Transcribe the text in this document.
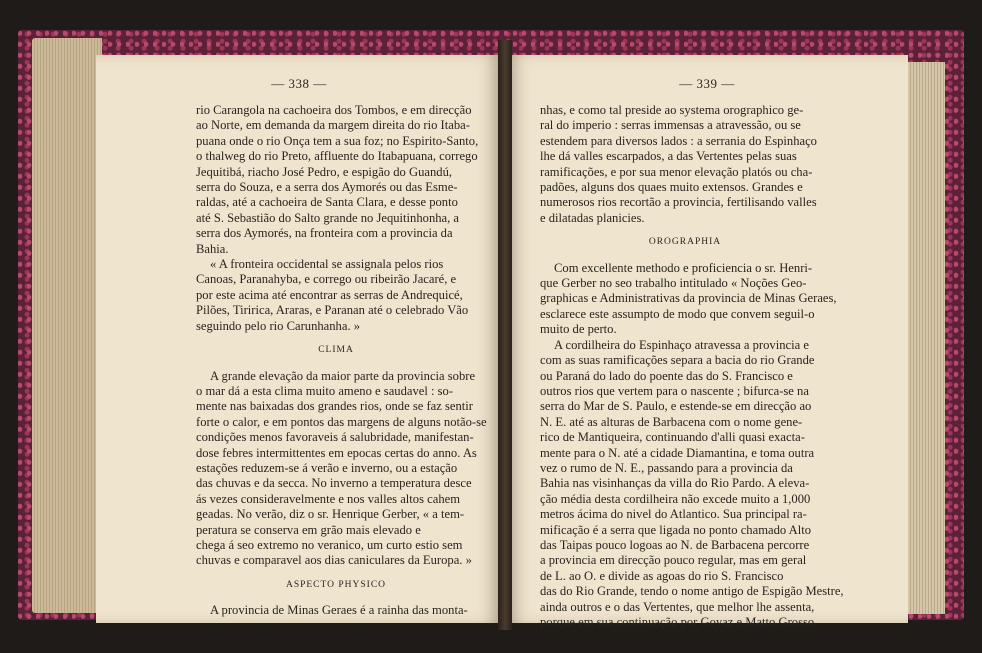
— 338 —

rio Carangola na cachoeira dos Tombos, e em direcção

ao Norte, em demanda da margem direita do rio Itaba-

puana onde o rio Onça tem a sua foz; no Espirito-Santo,

o thalweg do rio Preto, affluente do Itabapuana, corrego

Jequitibá, riacho José Pedro, e espigão do Guandú,

serra do Souza, e a serra dos Aymorés ou das Esme-

raldas, até a cachoeira de Santa Clara, e desse ponto

até S. Sebastião do Salto grande no Jequitinhonha, a

serra dos Aymorés, na fronteira com a provincia da

Bahia.

« A fronteira occidental se assignala pelos rios

Canoas, Paranahyba, e corrego ou ribeirão Jacaré, e

por este acima até encontrar as serras de Andrequicé,

Pilões, Tiririca, Araras, e Paranan até o celebrado Vão

seguindo pelo rio Carunhanha. »

CLIMA

A grande elevação da maior parte da provincia sobre

o mar dá a esta clima muito ameno e saudavel : so-

mente nas baixadas dos grandes rios, onde se faz sentir

forte o calor, e em pontos das margens de alguns notão-se

condições menos favoraveis á salubridade, manifestan-

dose febres intermittentes em epocas certas do anno. As

estações reduzem-se á verão e inverno, ou a estação

das chuvas e da secca. No inverno a temperatura desce

ás vezes consideravelmente e nos valles altos cahem

geadas. No verão, diz o sr. Henrique Gerber, « a tem-

peratura se conserva em grão mais elevado e

chega á seo extremo no veranico, um curto estio sem

chuvas e comparavel aos dias caniculares da Europa. »

ASPECTO PHYSICO

A provincia de Minas Geraes é a rainha das monta-

— 339 —

nhas, e como tal preside ao systema orographico ge-

ral do imperio : serras immensas a atravessão, ou se

estendem para diversos lados : a serrania do Espinhaço

lhe dá valles escarpados, a das Vertentes pelas suas

ramificações, e por sua menor elevação platós ou cha-

padões, alguns dos quaes muito extensos. Grandes e

numerosos rios recortão a provincia, fertilisando valles

e dilatadas planicies.

OROGRAPHIA

Com excellente methodo e proficiencia o sr. Henri-

que Gerber no seo trabalho intitulado « Noções Geo-

graphicas e Administrativas da provincia de Minas Geraes,

esclarece este assumpto de modo que convem seguil-o

muito de perto.

A cordilheira do Espinhaço atravessa a provincia e

com as suas ramificações separa a bacia do rio Grande

ou Paraná do lado do poente das do S. Francisco e

outros rios que vertem para o nascente ; bifurca-se na

serra do Mar de S. Paulo, e estende-se em direcção ao

N. E. até as alturas de Barbacena com o nome gene-

rico de Mantiqueira, continuando d'alli quasi exacta-

mente para o N. até a cidade Diamantina, e toma outra

vez o rumo de N. E., passando para a provincia da

Bahia nas visinhanças da villa do Rio Pardo. A eleva-

ção média desta cordilheira não excede muito a 1,000

metros ácima do nivel do Atlantico. Sua principal ra-

mificação é a serra que ligada no ponto chamado Alto

das Taipas pouco logoas ao N. de Barbacena percorre

a provincia em direcção pouco regular, mas em geral

de L. ao O. e divide as agoas do rio S. Francisco

das do Rio Grande, tendo o nome antigo de Espigão Mestre,

ainda outros e o das Vertentes, que melhor lhe assenta,

porque em sua continuação por Goyaz e Matto Grosso
